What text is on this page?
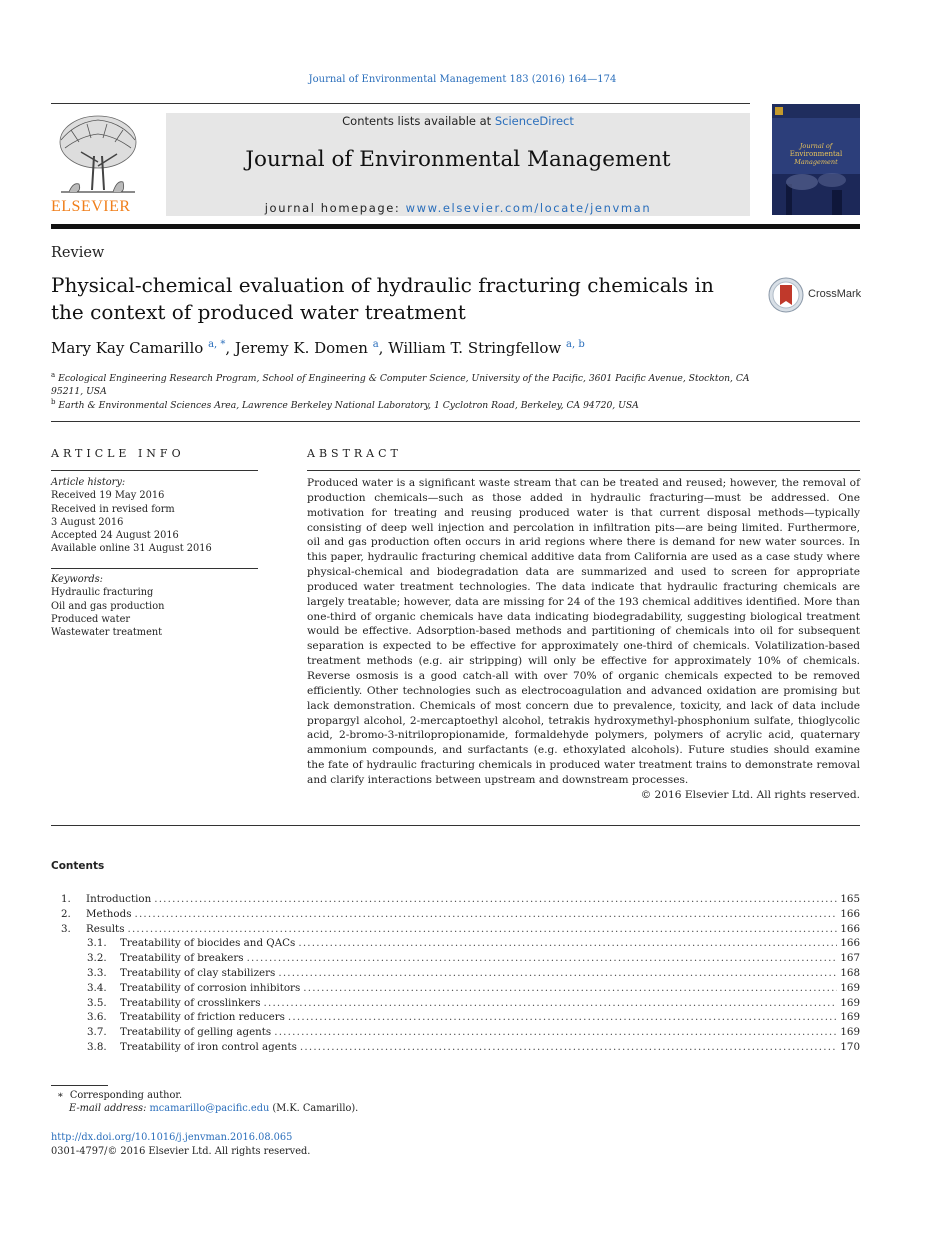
Journal of Environmental Management 183 (2016) 164—174
ELSEVIER
Contents lists available at ScienceDirect
Journal of Environmental Management
journal homepage: www.elsevier.com/locate/jenvman
Journal of
Environmental
Management
Review
Physical-chemical evaluation of hydraulic fracturing chemicals in the context of produced water treatment
CrossMark
Mary Kay Camarillo $^{a, *}$, Jeremy K. Domen $^a$, William T. Stringfellow $^{a, b}$
$^a$ Ecological Engineering Research Program, School of Engineering & Computer Science, University of the Pacific, 3601 Pacific Avenue, Stockton, CA 95211, USA
$^b$ Earth & Environmental Sciences Area, Lawrence Berkeley National Laboratory, 1 Cyclotron Road, Berkeley, CA 94720, USA
ARTICLE INFO	ABSTRACT
Article history:
Received 19 May 2016
Received in revised form
3 August 2016
Accepted 24 August 2016
Available online 31 August 2016
Keywords:
Hydraulic fracturing
Oil and gas production
Produced water
Wastewater treatment
Produced water is a significant waste stream that can be treated and reused; however, the removal of production chemicals—such as those added in hydraulic fracturing—must be addressed. One motivation for treating and reusing produced water is that current disposal methods—typically consisting of deep well injection and percolation in infiltration pits—are being limited. Furthermore, oil and gas production often occurs in arid regions where there is demand for new water sources. In this paper, hydraulic fracturing chemical additive data from California are used as a case study where physical-chemical and biodegradation data are summarized and used to screen for appropriate produced water treatment technologies. The data indicate that hydraulic fracturing chemicals are largely treatable; however, data are missing for 24 of the 193 chemical additives identified. More than one-third of organic chemicals have data indicating biodegradability, suggesting biological treatment would be effective. Adsorption-based methods and partitioning of chemicals into oil for subsequent separation is expected to be effective for approximately one-third of chemicals. Volatilization-based treatment methods (e.g. air stripping) will only be effective for approximately 10% of chemicals. Reverse osmosis is a good catch-all with over 70% of organic chemicals expected to be removed efficiently. Other technologies such as electrocoagulation and advanced oxidation are promising but lack demonstration. Chemicals of most concern due to prevalence, toxicity, and lack of data include propargyl alcohol, 2-mercaptoethyl alcohol, tetrakis hydroxymethyl-phosphonium sulfate, thioglycolic acid, 2-bromo-3-nitrilopropionamide, formaldehyde polymers, polymers of acrylic acid, quaternary ammonium compounds, and surfactants (e.g. ethoxylated alcohols). Future studies should examine the fate of hydraulic fracturing chemicals in produced water treatment trains to demonstrate removal and clarify interactions between upstream and downstream processes.
© 2016 Elsevier Ltd. All rights reserved.
Contents
1.	Introduction .....	165
2.	Methods .....	166
3.	Results .....	166
3.1.	Treatability of biocides and QACs .....	166
3.2.	Treatability of breakers .....	167
3.3.	Treatability of clay stabilizers .....	168
3.4.	Treatability of corrosion inhibitors .....	169
3.5.	Treatability of crosslinkers .....	169
3.6.	Treatability of friction reducers .....	169
3.7.	Treatability of gelling agents .....	169
3.8.	Treatability of iron control agents .....	170
∗ Corresponding author.
E-mail address: mcamarillo@pacific.edu (M.K. Camarillo).
http://dx.doi.org/10.1016/j.jenvman.2016.08.065
0301-4797/© 2016 Elsevier Ltd. All rights reserved.
